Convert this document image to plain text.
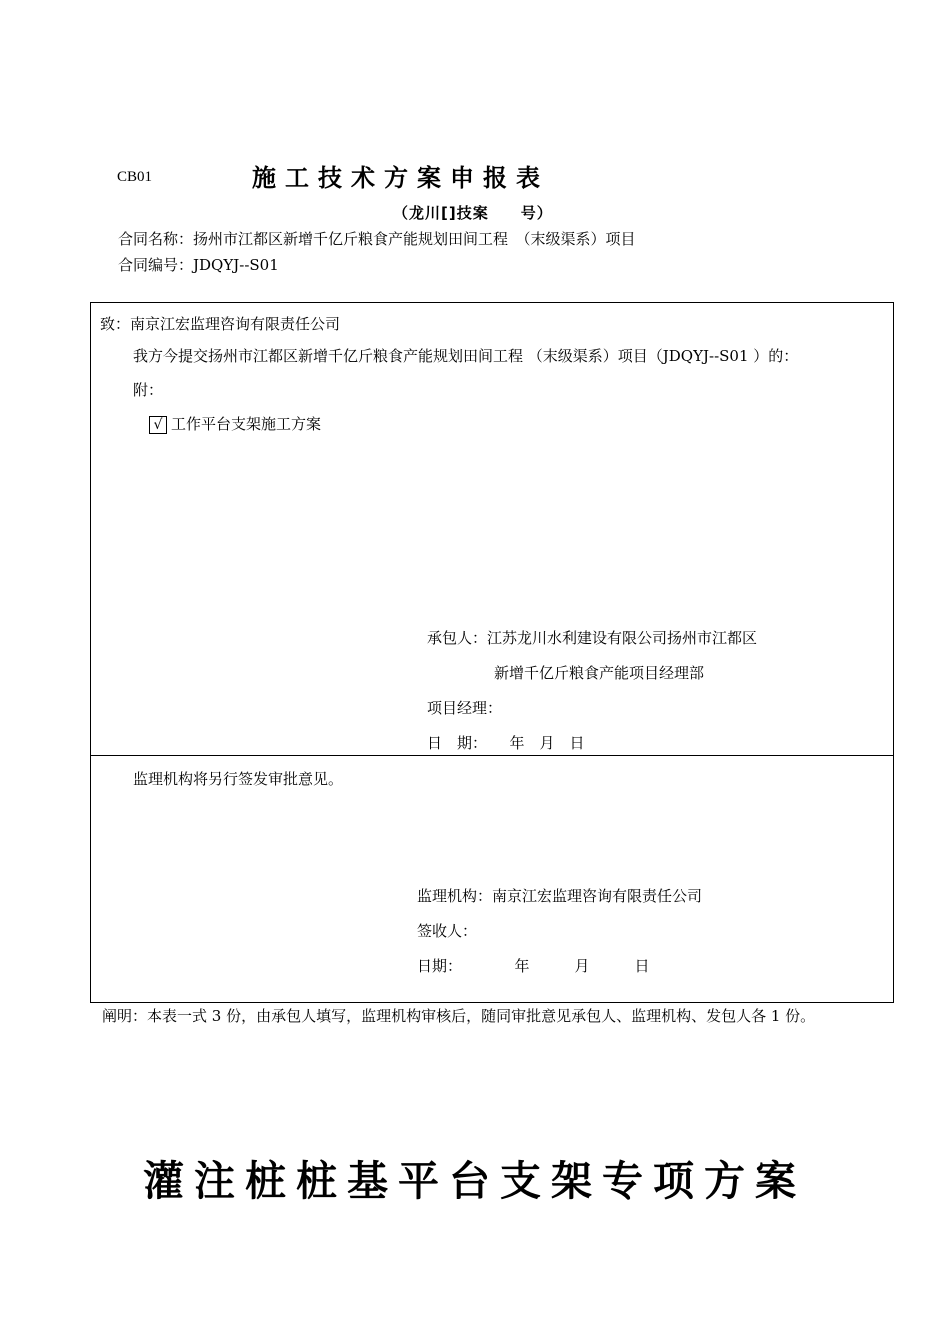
CB01	施工技术方案申报表
（龙川[]技案　　号）
合同名称：扬州市江都区新增千亿斤粮食产能规划田间工程　（末级渠系）项目
合同编号：JDQYJ--S01
致：南京江宏监理咨询有限责任公司
我方今提交扬州市江都区新增千亿斤粮食产能规划田间工程 （末级渠系）项目（JDQYJ--S01 ）的：
附：
√ 工作平台支架施工方案
承包人：江苏龙川水利建设有限公司扬州市江都区
新增千亿斤粮食产能项目经理部
项目经理：
日　期：　　年　月　日
监理机构将另行签发审批意见。
监理机构：南京江宏监理咨询有限责任公司
签收人：
日期：　　　　年　　　月　　　日
阐明：本表一式 3 份，由承包人填写，监理机构审核后，随同审批意见承包人、监理机构、发包人各 1 份。
灌注桩桩基平台支架专项方案
